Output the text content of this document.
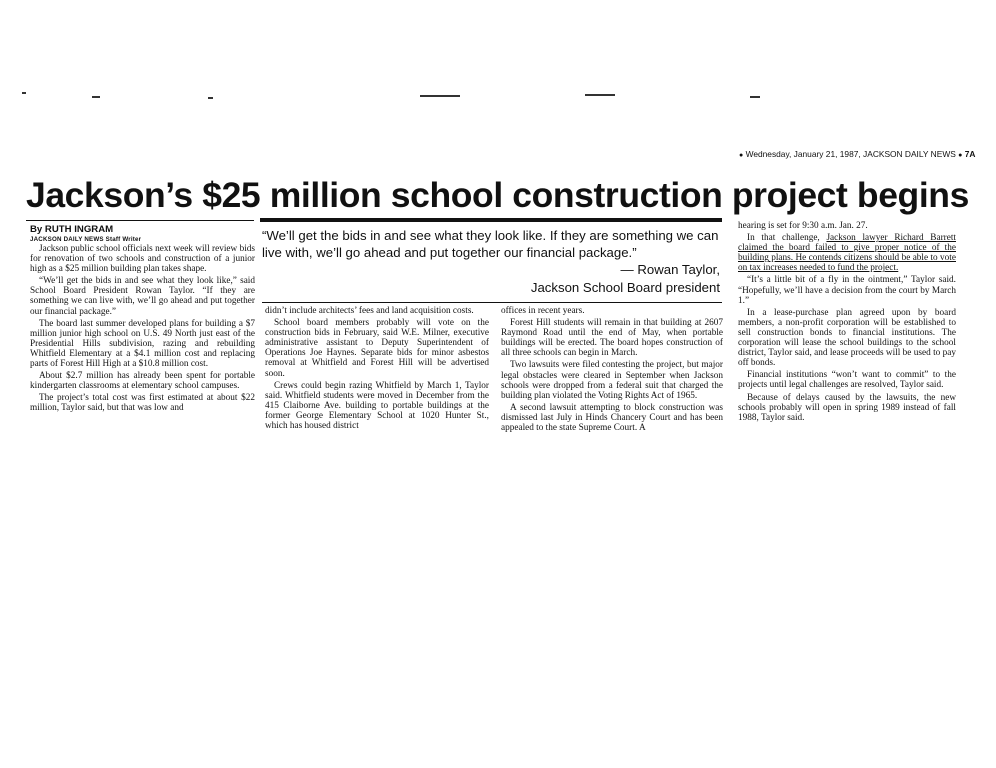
● Wednesday, January 21, 1987, JACKSON DAILY NEWS ● 7A
Jackson’s $25 million school construction project begins
By RUTH INGRAM
JACKSON DAILY NEWS Staff Writer

Jackson public school officials next week will review bids for renovation of two schools and construction of a junior high as a $25 million building plan takes shape.

“We’ll get the bids in and see what they look like,” said School Board President Rowan Taylor. “If they are something we can live with, we’ll go ahead and put together our financial package.”

The board last summer developed plans for building a $7 million junior high school on U.S. 49 North just east of the Presidential Hills subdivision, razing and rebuilding Whitfield Elementary at a $4.1 million cost and replacing parts of Forest Hill High at a $10.8 million cost.

About $2.7 million has already been spent for portable kindergarten classrooms at elementary school campuses.

The project’s total cost was first estimated at about $22 million, Taylor said, but that was low and

“We’ll get the bids in and see what they look like. If they are something we can live with, we’ll go ahead and put together our financial package.”
— Rowan Taylor,
Jackson School Board president

didn’t include architects’ fees and land acquisition costs.

School board members probably will vote on the construction bids in February, said W.E. Milner, executive administrative assistant to Deputy Superintendent of Operations Joe Haynes. Separate bids for minor asbestos removal at Whitfield and Forest Hill will be advertised soon.

Crews could begin razing Whitfield by March 1, Taylor said. Whitfield students were moved in December from the 415 Claiborne Ave. building to portable buildings at the former George Elementary School at 1020 Hunter St., which has housed district

offices in recent years.

Forest Hill students will remain in that building at 2607 Raymond Road until the end of May, when portable buildings will be erected. The board hopes construction of all three schools can begin in March.

Two lawsuits were filed contesting the project, but major legal obstacles were cleared in September when Jackson schools were dropped from a federal suit that charged the building plan violated the Voting Rights Act of 1965.

A second lawsuit attempting to block construction was dismissed last July in Hinds Chancery Court and has been appealed to the state Supreme Court. A

hearing is set for 9:30 a.m. Jan. 27.

In that challenge, Jackson lawyer Richard Barrett claimed the board failed to give proper notice of the building plans. He contends citizens should be able to vote on tax increases needed to fund the project.

“It’s a little bit of a fly in the ointment,” Taylor said. “Hopefully, we’ll have a decision from the court by March 1.”

In a lease-purchase plan agreed upon by board members, a non-profit corporation will be established to sell construction bonds to financial institutions. The corporation will lease the school buildings to the school district, Taylor said, and lease proceeds will be used to pay off bonds.

Financial institutions “won’t want to commit” to the projects until legal challenges are resolved, Taylor said.

Because of delays caused by the lawsuits, the new schools probably will open in spring 1989 instead of fall 1988, Taylor said.
